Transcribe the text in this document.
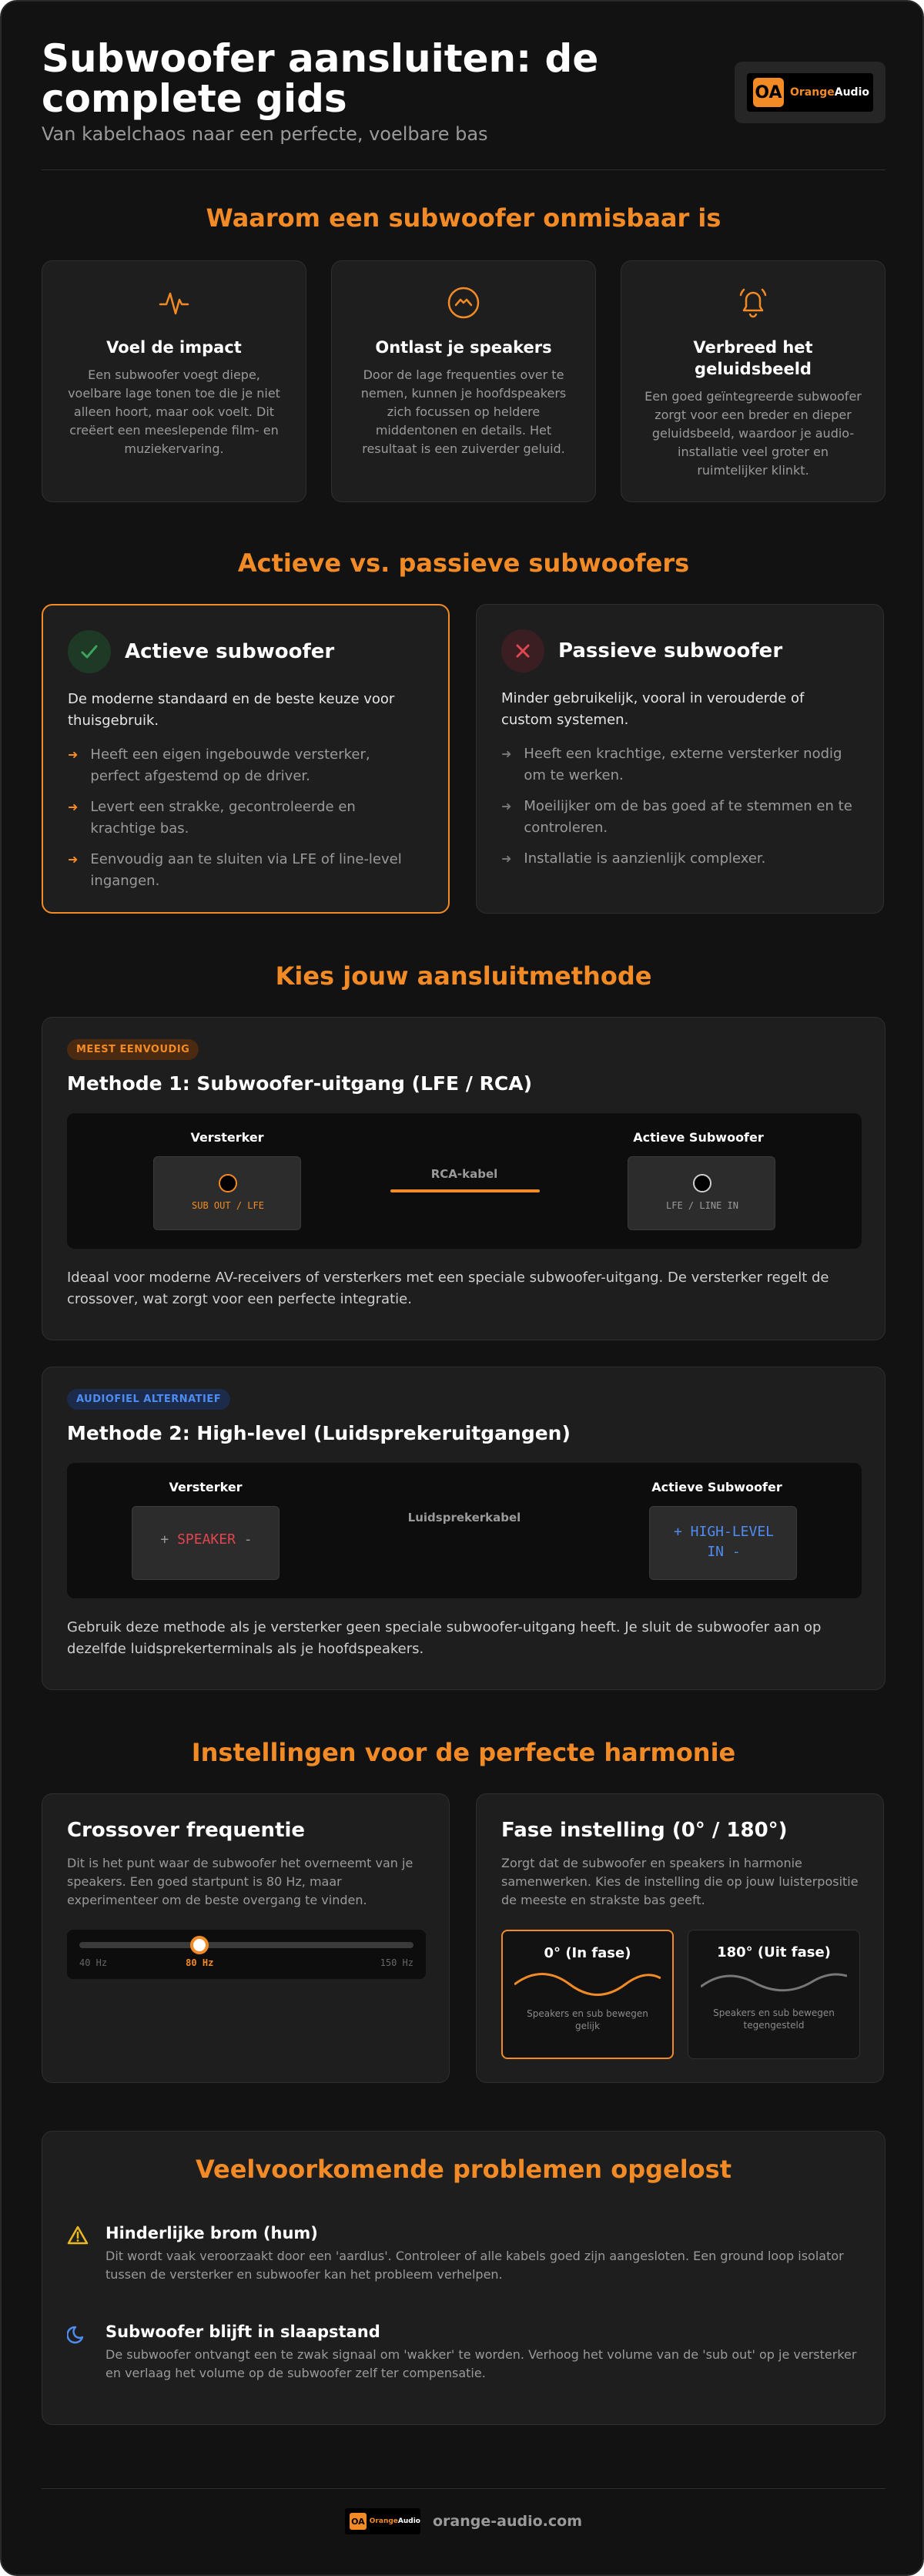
Subwoofer aansluiten: de complete gids
Van kabelchaos naar een perfecte, voelbare bas
OA OrangeAudio
Waarom een subwoofer onmisbaar is
Voel de impact
Een subwoofer voegt diepe, voelbare lage tonen toe die je niet alleen hoort, maar ook voelt. Dit creëert een meeslepende film- en muziekervaring.
Ontlast je speakers
Door de lage frequenties over te nemen, kunnen je hoofdspeakers zich focussen op heldere middentonen en details. Het resultaat is een zuiverder geluid.
Verbreed het geluidsbeeld
Een goed geïntegreerde subwoofer zorgt voor een breder en dieper geluidsbeeld, waardoor je audio-installatie veel groter en ruimtelijker klinkt.
Actieve vs. passieve subwoofers
Actieve subwoofer
De moderne standaard en de beste keuze voor thuisgebruik.
➜ Heeft een eigen ingebouwde versterker, perfect afgestemd op de driver.
➜ Levert een strakke, gecontroleerde en krachtige bas.
➜ Eenvoudig aan te sluiten via LFE of line-level ingangen.
Passieve subwoofer
Minder gebruikelijk, vooral in verouderde of custom systemen.
➜ Heeft een krachtige, externe versterker nodig om te werken.
➜ Moeilijker om de bas goed af te stemmen en te controleren.
➜ Installatie is aanzienlijk complexer.
Kies jouw aansluitmethode
MEEST EENVOUDIG
Methode 1: Subwoofer-uitgang (LFE / RCA)
Versterker
SUB OUT / LFE
RCA-kabel
Actieve Subwoofer
LFE / LINE IN
Ideaal voor moderne AV-receivers of versterkers met een speciale subwoofer-uitgang. De versterker regelt de crossover, wat zorgt voor een perfecte integratie.
AUDIOFIEL ALTERNATIEF
Methode 2: High-level (Luidsprekeruitgangen)
Versterker
+ SPEAKER -
Luidsprekerkabel
Actieve Subwoofer
+ HIGH-LEVEL
IN -
Gebruik deze methode als je versterker geen speciale subwoofer-uitgang heeft. Je sluit de subwoofer aan op dezelfde luidsprekerterminals als je hoofdspeakers.
Instellingen voor de perfecte harmonie
Crossover frequentie
Dit is het punt waar de subwoofer het overneemt van je speakers. Een goed startpunt is 80 Hz, maar experimenteer om de beste overgang te vinden.
40 Hz	80 Hz	150 Hz
Fase instelling (0° / 180°)
Zorgt dat de subwoofer en speakers in harmonie samenwerken. Kies de instelling die op jouw luisterpositie de meeste en strakste bas geeft.
0° (In fase)
Speakers en sub bewegen gelijk
180° (Uit fase)
Speakers en sub bewegen tegengesteld
Veelvoorkomende problemen opgelost
Hinderlijke brom (hum)
Dit wordt vaak veroorzaakt door een 'aardlus'. Controleer of alle kabels goed zijn aangesloten. Een ground loop isolator tussen de versterker en subwoofer kan het probleem verhelpen.
Subwoofer blijft in slaapstand
De subwoofer ontvangt een te zwak signaal om 'wakker' te worden. Verhoog het volume van de 'sub out' op je versterker en verlaag het volume op de subwoofer zelf ter compensatie.
OA OrangeAudio orange-audio.com
